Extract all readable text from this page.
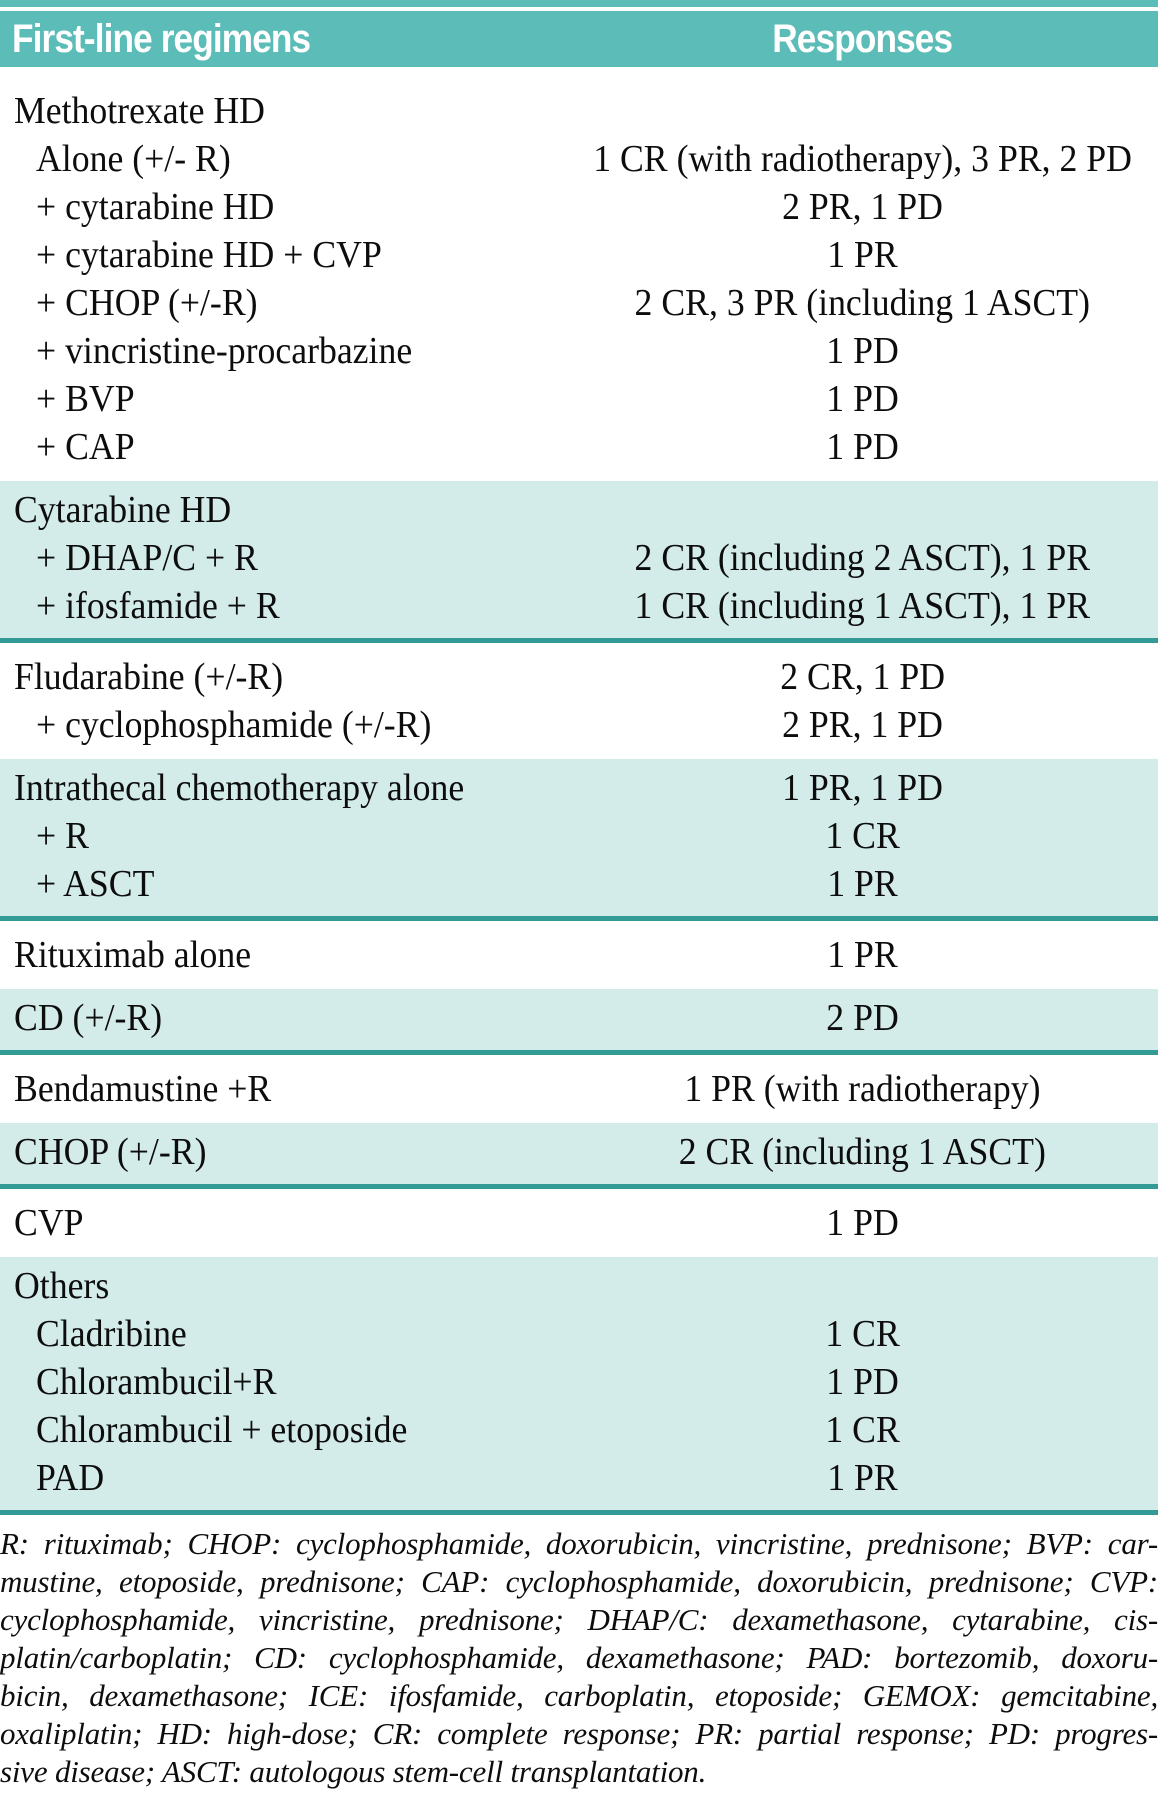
First-line regimens	Responses
Methotrexate HD
Alone (+/- R)	1 CR (with radiotherapy), 3 PR, 2 PD
+ cytarabine HD	2 PR, 1 PD
+ cytarabine HD + CVP	1 PR
+ CHOP (+/-R)	2 CR, 3 PR (including 1 ASCT)
+ vincristine-procarbazine	1 PD
+ BVP	1 PD
+ CAP	1 PD
Cytarabine HD
+ DHAP/C + R	2 CR (including 2 ASCT), 1 PR
+ ifosfamide + R	1 CR (including 1 ASCT), 1 PR
Fludarabine (+/-R)	2 CR, 1 PD
+ cyclophosphamide (+/-R)	2 PR, 1 PD
Intrathecal chemotherapy alone	1 PR, 1 PD
+ R	1 CR
+ ASCT	1 PR
Rituximab alone	1 PR
CD (+/-R)	2 PD
Bendamustine +R	1 PR (with radiotherapy)
CHOP (+/-R)	2 CR (including 1 ASCT)
CVP	1 PD
Others
Cladribine	1 CR
Chlorambucil+R	1 PD
Chlorambucil + etoposide	1 CR
PAD	1 PR
R: rituximab; CHOP: cyclophosphamide, doxorubicin, vincristine, prednisone; BVP: car-
mustine, etoposide, prednisone; CAP: cyclophosphamide, doxorubicin, prednisone; CVP:
cyclophosphamide, vincristine, prednisone; DHAP/C: dexamethasone, cytarabine, cis-
platin/carboplatin; CD: cyclophosphamide, dexamethasone; PAD: bortezomib, doxoru-
bicin, dexamethasone; ICE: ifosfamide, carboplatin, etoposide; GEMOX: gemcitabine,
oxaliplatin; HD: high-dose; CR: complete response; PR: partial response; PD: progres-
sive disease; ASCT: autologous stem-cell transplantation.
